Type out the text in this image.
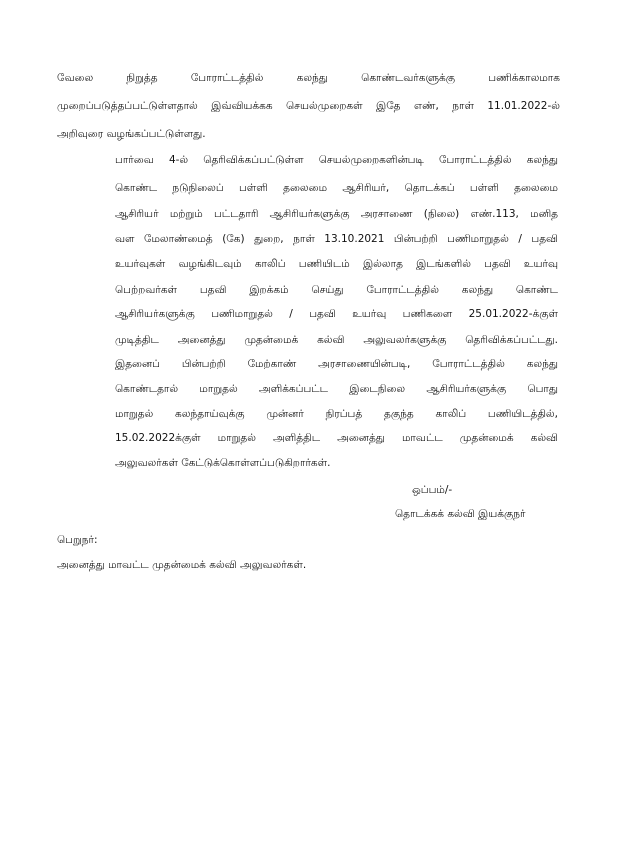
வேலை நிறுத்த போராட்டத்தில் கலந்து கொண்டவர்களுக்கு பணிக்காலமாக
முறைப்படுத்தப்பட்டுள்ளதால் இவ்வியக்கக செயல்முறைகள் இதே எண், நாள் 11.01.2022-ல்
அறிவுரை வழங்கப்பட்டுள்ளது.
பார்வை 4-ல் தெரிவிக்கப்பட்டுள்ள செயல்முறைகளின்படி போராட்டத்தில் கலந்து
கொண்ட நடுநிலைப் பள்ளி தலைமை ஆசிரியர், தொடக்கப் பள்ளி தலைமை
ஆசிரியர் மற்றும் பட்டதாரி ஆசிரியர்களுக்கு அரசாணை (நிலை) எண்.113, மனித
வள மேலாண்மைத் (கே) துறை, நாள் 13.10.2021 பின்பற்றி பணிமாறுதல் / பதவி
உயர்வுகள் வழங்கிடவும் காலிப் பணியிடம் இல்லாத இடங்களில் பதவி உயர்வு
பெற்றவர்கள் பதவி இறக்கம் செய்து போராட்டத்தில் கலந்து கொண்ட
ஆசிரியர்களுக்கு பணிமாறுதல் / பதவி உயர்வு பணிகளை 25.01.2022-க்குள்
முடித்திட அனைத்து முதன்மைக் கல்வி அலுவலர்களுக்கு தெரிவிக்கப்பட்டது.
இதனைப் பின்பற்றி மேற்காண் அரசாணையின்படி, போராட்டத்தில் கலந்து
கொண்டதால் மாறுதல் அளிக்கப்பட்ட இடைநிலை ஆசிரியர்களுக்கு பொது
மாறுதல் கலந்தாய்வுக்கு முன்னர் நிரப்பத் தகுந்த காலிப் பணியிடத்தில்,
15.02.2022க்குள் மாறுதல் அளித்திட அனைத்து மாவட்ட முதன்மைக் கல்வி
அலுவலர்கள் கேட்டுக்கொள்ளப்படுகிறார்கள்.
ஒப்பம்/-
தொடக்கக் கல்வி இயக்குநர்
பெறுநர்:
அனைத்து மாவட்ட முதன்மைக் கல்வி அலுவலர்கள்.
